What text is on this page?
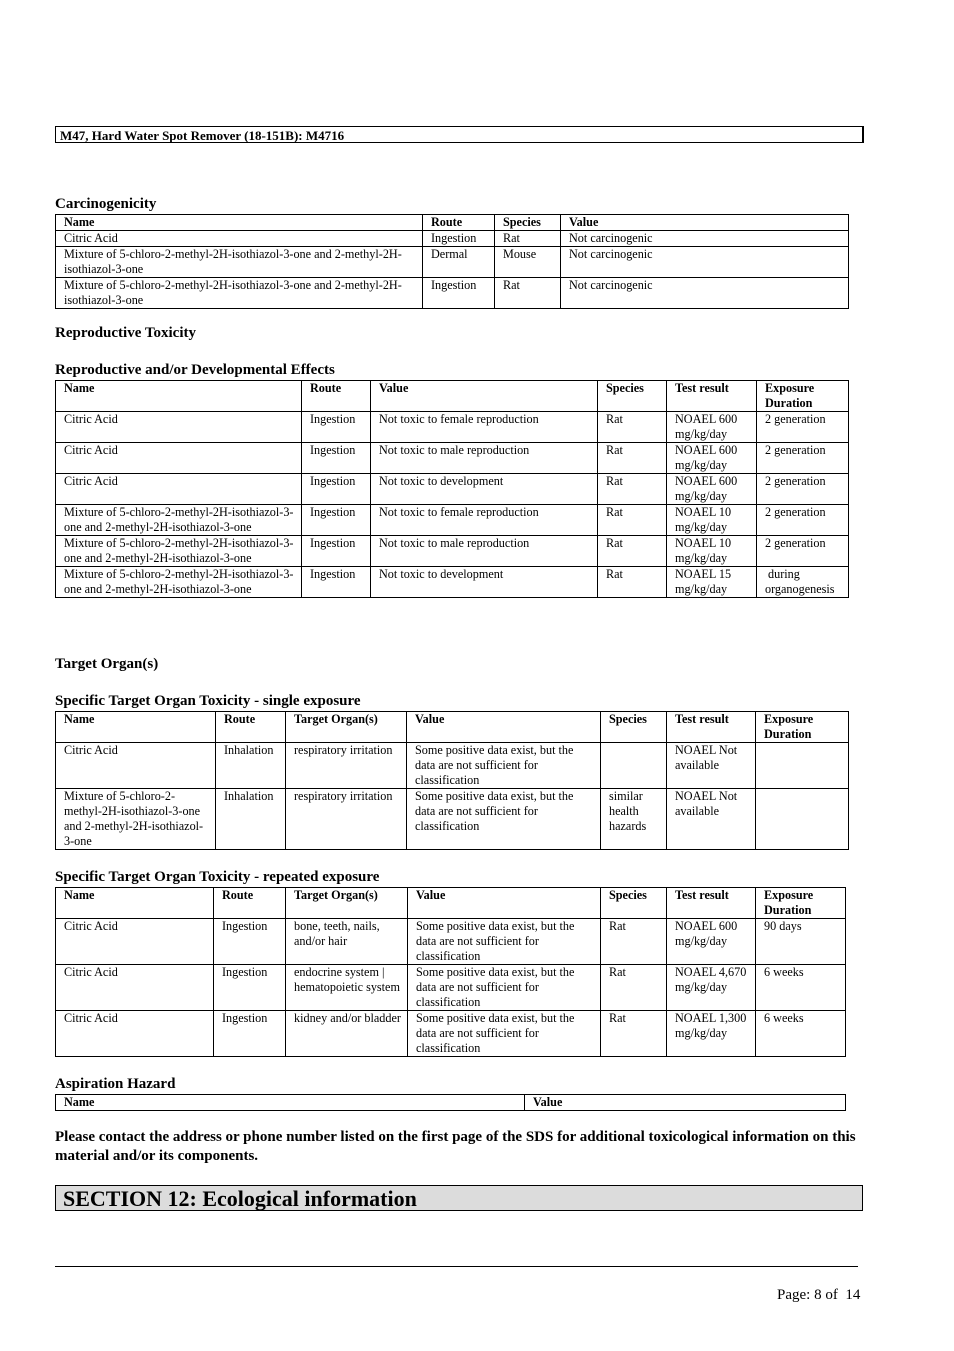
M47, Hard Water Spot Remover (18-151B): M4716
Carcinogenicity
Name	Route	Species	Value
Citric Acid	Ingestion	Rat	Not carcinogenic
Mixture of 5-chloro-2-methyl-2H-isothiazol-3-one and 2-methyl-2H-isothiazol-3-one	Dermal	Mouse	Not carcinogenic
Mixture of 5-chloro-2-methyl-2H-isothiazol-3-one and 2-methyl-2H-isothiazol-3-one	Ingestion	Rat	Not carcinogenic
Reproductive Toxicity
Reproductive and/or Developmental Effects
Name	Route	Value	Species	Test result	Exposure Duration
Citric Acid	Ingestion	Not toxic to female reproduction	Rat	NOAEL 600 mg/kg/day	2 generation
Citric Acid	Ingestion	Not toxic to male reproduction	Rat	NOAEL 600 mg/kg/day	2 generation
Citric Acid	Ingestion	Not toxic to development	Rat	NOAEL 600 mg/kg/day	2 generation
Mixture of 5-chloro-2-methyl-2H-isothiazol-3-one and 2-methyl-2H-isothiazol-3-one	Ingestion	Not toxic to female reproduction	Rat	NOAEL 10 mg/kg/day	2 generation
Mixture of 5-chloro-2-methyl-2H-isothiazol-3-one and 2-methyl-2H-isothiazol-3-one	Ingestion	Not toxic to male reproduction	Rat	NOAEL 10 mg/kg/day	2 generation
Mixture of 5-chloro-2-methyl-2H-isothiazol-3-one and 2-methyl-2H-isothiazol-3-one	Ingestion	Not toxic to development	Rat	NOAEL 15 mg/kg/day	during organogenesis
Target Organ(s)
Specific Target Organ Toxicity - single exposure
Name	Route	Target Organ(s)	Value	Species	Test result	Exposure Duration
Citric Acid	Inhalation	respiratory irritation	Some positive data exist, but the data are not sufficient for classification		NOAEL Not available	
Mixture of 5-chloro-2-methyl-2H-isothiazol-3-one and 2-methyl-2H-isothiazol-3-one	Inhalation	respiratory irritation	Some positive data exist, but the data are not sufficient for classification	similar health hazards	NOAEL Not available	
Specific Target Organ Toxicity - repeated exposure
Name	Route	Target Organ(s)	Value	Species	Test result	Exposure Duration
Citric Acid	Ingestion	bone, teeth, nails, and/or hair	Some positive data exist, but the data are not sufficient for classification	Rat	NOAEL 600 mg/kg/day	90 days
Citric Acid	Ingestion	endocrine system | hematopoietic system	Some positive data exist, but the data are not sufficient for classification	Rat	NOAEL 4,670 mg/kg/day	6 weeks
Citric Acid	Ingestion	kidney and/or bladder	Some positive data exist, but the data are not sufficient for classification	Rat	NOAEL 1,300 mg/kg/day	6 weeks
Aspiration Hazard
Name	Value
Please contact the address or phone number listed on the first page of the SDS for additional toxicological information on this material and/or its components.
SECTION 12: Ecological information
Page: 8 of  14
